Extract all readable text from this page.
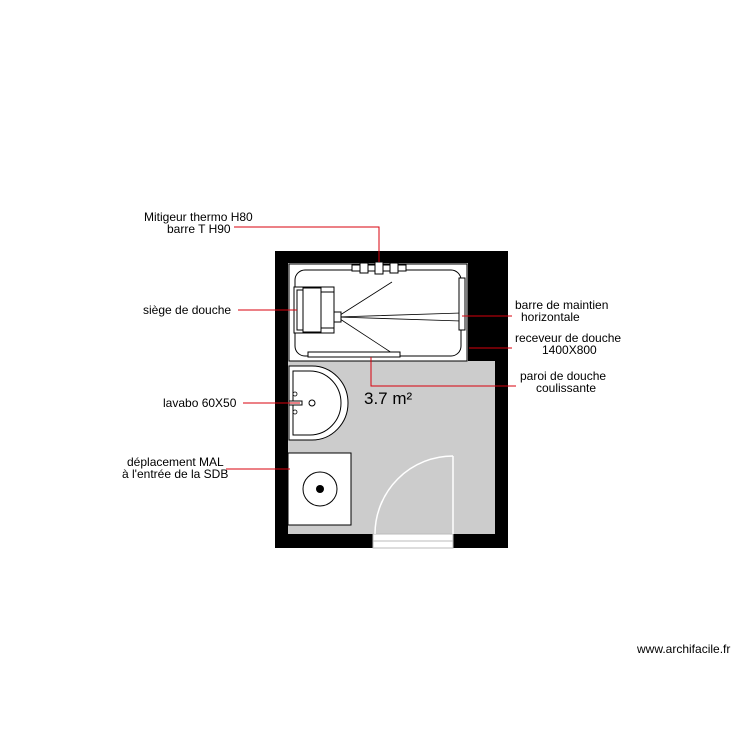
3.7 m²
Mitigeur thermo H80
barre T H90
siège de douche	barre de maintien
horizontale
receveur de douche
1400X800
paroi de douche
coulissante
lavabo 60X50
déplacement MAL
à l'entrée de la SDB
www.archifacile.fr
